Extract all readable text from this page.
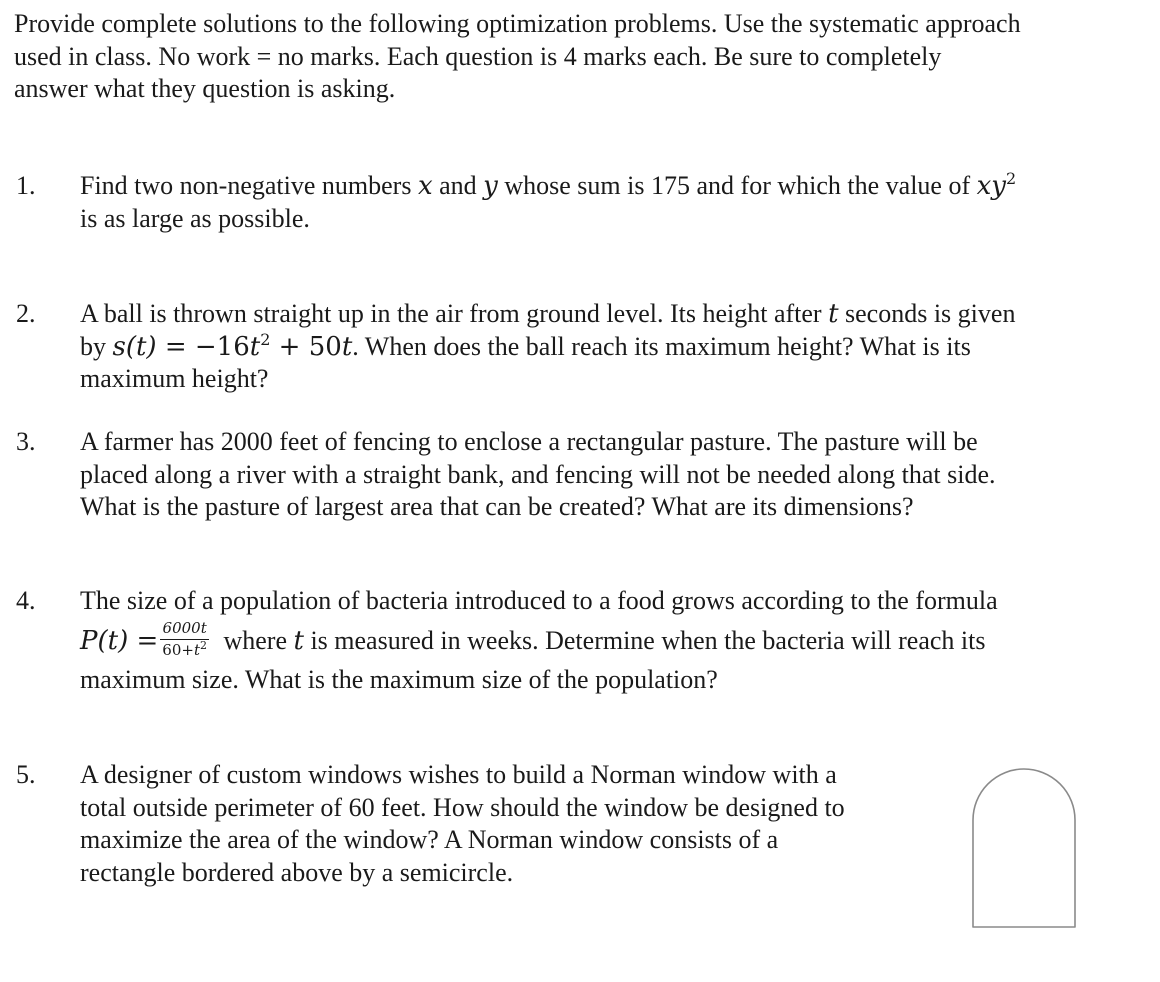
Provide complete solutions to the following optimization problems. Use the systematic approach
used in class. No work = no marks. Each question is 4 marks each. Be sure to completely
answer what they question is asking.

1. Find two non-negative numbers x and y whose sum is 175 and for which the value of $xy^2$
is as large as possible.
2. A ball is thrown straight up in the air from ground level. Its height after t seconds is given
by $s(t) = -16t^2 + 50t$. When does the ball reach its maximum height? What is its
maximum height?
3. A farmer has 2000 feet of fencing to enclose a rectangular pasture. The pasture will be
placed along a river with a straight bank, and fencing will not be needed along that side.
What is the pasture of largest area that can be created? What are its dimensions?
4. The size of a population of bacteria introduced to a food grows according to the formula
$P(t) = \frac{6000t}{60+t^2}$ where t is measured in weeks. Determine when the bacteria will reach its
maximum size. What is the maximum size of the population?
5. A designer of custom windows wishes to build a Norman window with a
total outside perimeter of 60 feet. How should the window be designed to
maximize the area of the window? A Norman window consists of a
rectangle bordered above by a semicircle.
